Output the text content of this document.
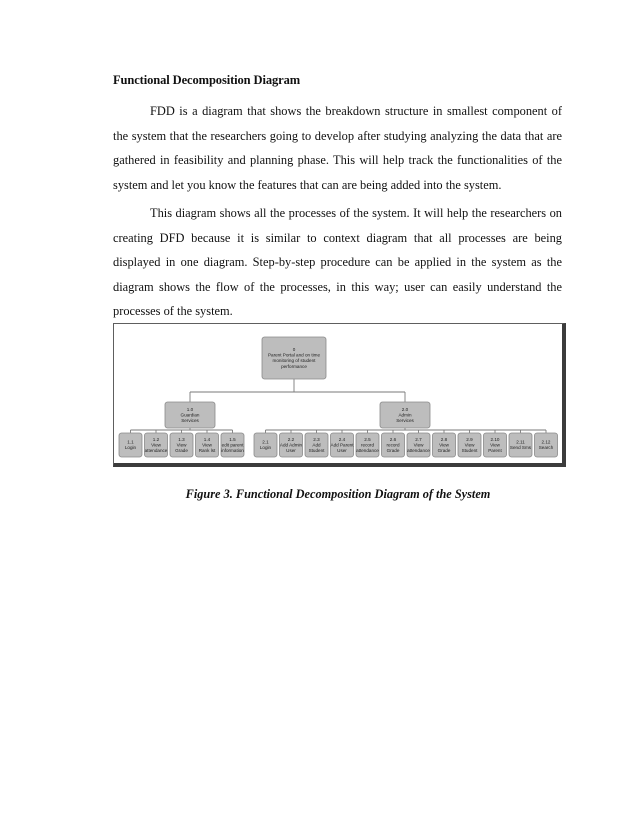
Functional Decomposition Diagram

FDD is a diagram that shows the breakdown structure in smallest component of the system that the researchers going to develop after studying analyzing the data that are gathered in feasibility and planning phase. This will help track the functionalities of the system and let you know the features that can are being added into the system.

This diagram shows all the processes of the system. It will help the researchers on creating DFD because it is similar to context diagram that all processes are being displayed in one diagram. Step-by-step procedure can be applied in the system as the diagram shows the flow of the processes, in this way; user can easily understand the processes of the system.

1.1
Login
1.2
View
attendance
1.3
View
Grade
1.4
View
Rank lst
1.5
edit parent
information
1.0
Guardian
Services
2.1
Login
2.2
Add Admin
User
2.3
Add
Student
2.4
Add Parent
User
2.5
record
attendance
2.6
record
Grade
2.7
View
attendance
2.8
View
Grade
2.9
View
Student
2.10
View
Parent
2.11
Send Sms
2.12
Search
2.0
Admin
Services
0
Parent Portal and on time
monitoring of student
performance
Figure 3. Functional Decomposition Diagram of the System
